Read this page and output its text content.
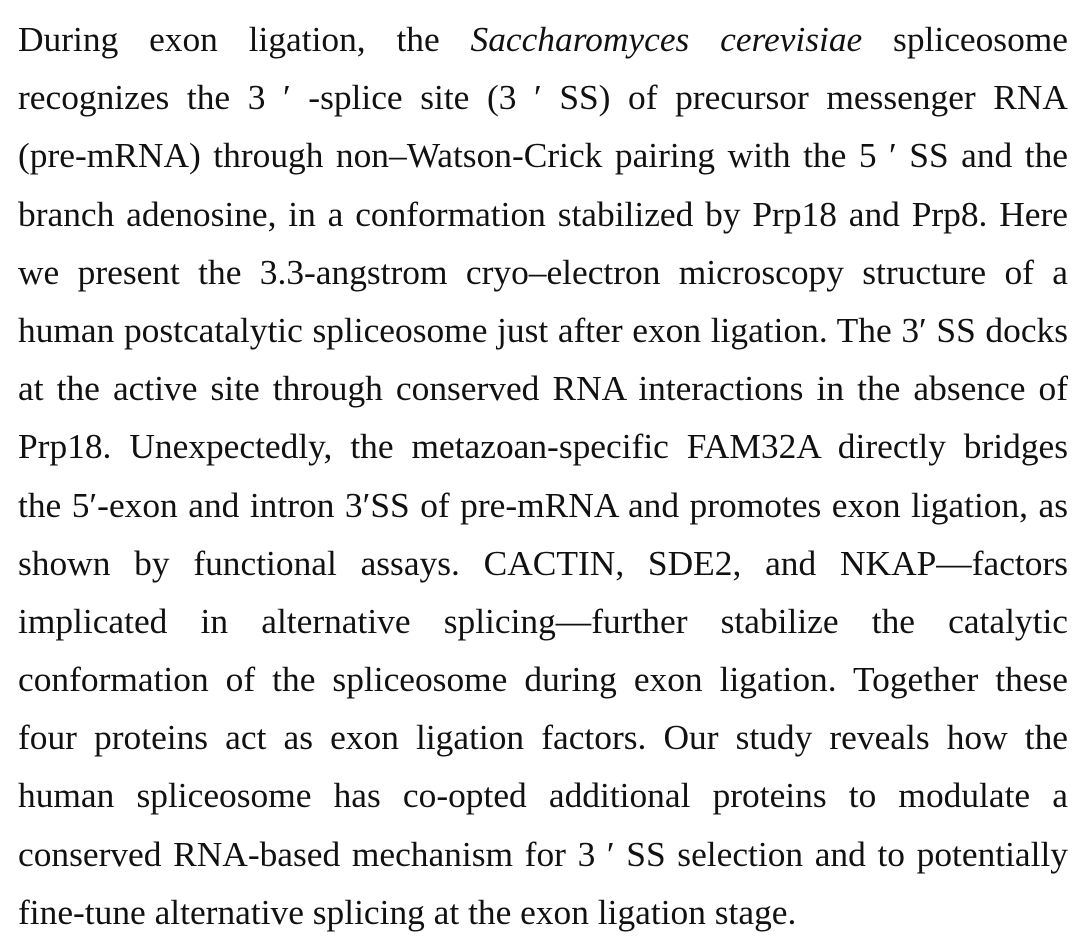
During exon ligation, the Saccharomyces cerevisiae spliceosome
recognizes the 3 ′ -splice site (3 ′ SS) of precursor messenger RNA
(pre-mRNA) through non–Watson-Crick pairing with the 5 ′ SS and the
branch adenosine, in a conformation stabilized by Prp18 and Prp8. Here
we present the 3.3-angstrom cryo–electron microscopy structure of a
human postcatalytic spliceosome just after exon ligation. The 3′ SS docks
at the active site through conserved RNA interactions in the absence of
Prp18. Unexpectedly, the metazoan-specific FAM32A directly bridges
the 5′-exon and intron 3′SS of pre-mRNA and promotes exon ligation, as
shown by functional assays. CACTIN, SDE2, and NKAP—factors
implicated in alternative splicing—further stabilize the catalytic
conformation of the spliceosome during exon ligation. Together these
four proteins act as exon ligation factors. Our study reveals how the
human spliceosome has co-opted additional proteins to modulate a
conserved RNA-based mechanism for 3 ′ SS selection and to potentially
fine-tune alternative splicing at the exon ligation stage.
